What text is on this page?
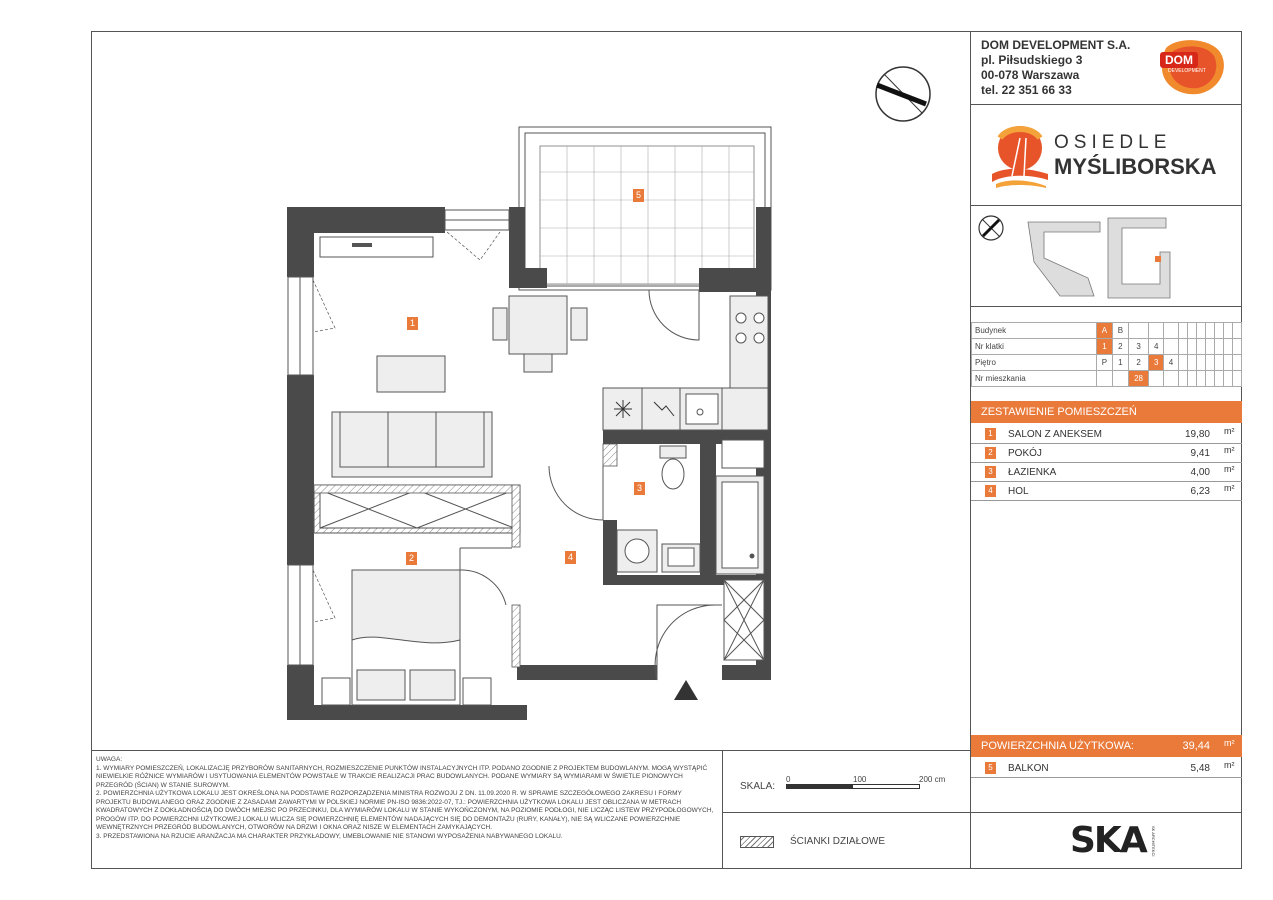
DOM DEVELOPMENT S.A.
pl. Piłsudskiego 3
00-078 Warszawa
tel. 22 351 66 33
DOM
DEVELOPMENT
OSIEDLE
MYŚLIBORSKA
Budynek	A	B										
Nr klatki	1	2	3	4								
Piętro	P	1	2	3	4							
Nr mieszkania			28									
ZESTAWIENIE POMIESZCZEŃ
1	SALON Z ANEKSEM	19,80 m²
2	POKÓJ	9,41 m²
3	ŁAZIENKA	4,00 m²
4	HOL	6,23 m²
POWIERZCHNIA UŻYTKOWA:	39,44 m²
5	BALKON	5,48 m²
UWAGA:
1. WYMIARY POMIESZCZEŃ, LOKALIZACJĘ PRZYBORÓW SANITARNYCH, ROZMIESZCZENIE PUNKTÓW INSTALACYJNYCH ITP. PODANO ZGODNIE Z PROJEKTEM BUDOWLANYM. MOGĄ WYSTĄPIĆ NIEWIELKIE RÓŻNICE WYMIARÓW I USYTUOWANIA ELEMENTÓW POWSTAŁE W TRAKCIE REALIZACJI PRAC BUDOWLANYCH. PODANE WYMIARY SĄ WYMIARAMI W ŚWIETLE PIONOWYCH PRZEGRÓD (ŚCIAN) W STANIE SUROWYM.
2. POWIERZCHNIA UŻYTKOWA LOKALU JEST OKREŚLONA NA PODSTAWIE ROZPORZĄDZENIA MINISTRA ROZWOJU Z DN. 11.09.2020 R. W SPRAWIE SZCZEGÓŁOWEGO ZAKRESU I FORMY PROJEKTU BUDOWLANEGO ORAZ ZGODNIE Z ZASADAMI ZAWARTYMI W POLSKIEJ NORMIE PN-ISO 9836:2022-07, TJ.: POWIERZCHNIA UŻYTKOWA LOKALU JEST OBLICZANA W METRACH KWADRATOWYCH Z DOKŁADNOŚCIĄ DO DWÓCH MIEJSC PO PRZECINKU, DLA WYMIARÓW LOKALU W STANIE WYKOŃCZONYM, NA POZIOMIE PODŁOGI, NIE LICZĄC LISTEW PRZYPODŁOGOWYCH, PROGÓW ITP. DO POWIERZCHNI UŻYTKOWEJ LOKALU WLICZA SIĘ POWIERZCHNIĘ ELEMENTÓW NADAJĄCYCH SIĘ DO DEMONTAŻU (RURY, KANAŁY), NIE SĄ WLICZANE POWIERZCHNIE WEWNĘTRZNYCH PRZEGRÓD BUDOWLANYCH, OTWORÓW NA DRZWI I OKNA ORAZ NISZE W ELEMENTACH ZAMYKAJĄCYCH.
3. PRZEDSTAWIONA NA RZUCIE ARANŻACJA MA CHARAKTER PRZYKŁADOWY, UMEBLOWANIE NIE STANOWI WYPOSAŻENIA NABYWANEGO LOKALU.
SKALA:
0	100	200 cm
ŚCIANKI DZIAŁOWE	SKA SK ARCHITEKCI
1
2
3
4
5
